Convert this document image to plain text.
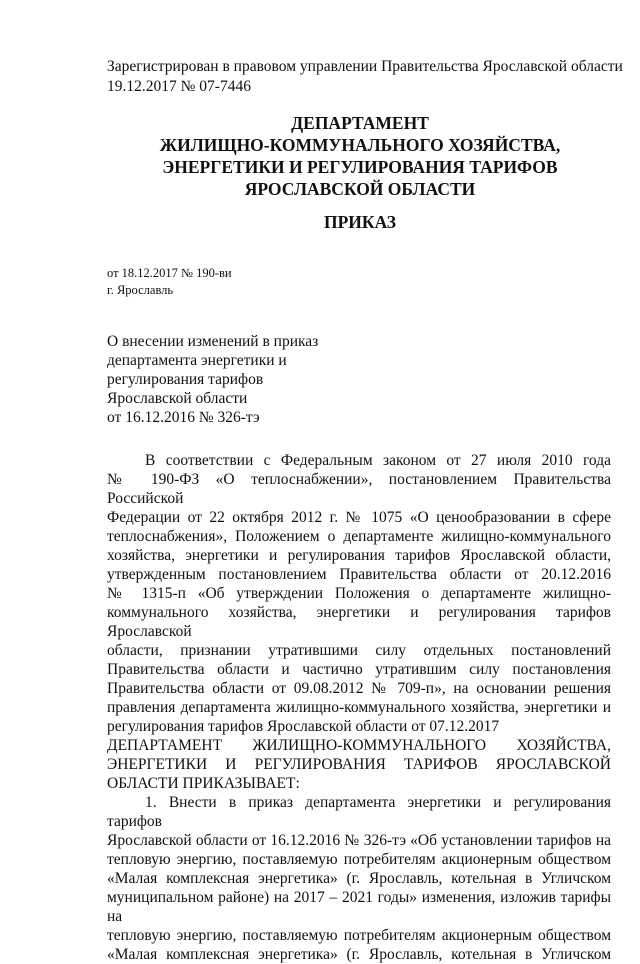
Зарегистрирован в правовом управлении Правительства Ярославской области
19.12.2017 № 07-7446
ДЕПАРТАМЕНТ
ЖИЛИЩНО-КОММУНАЛЬНОГО ХОЗЯЙСТВА,
ЭНЕРГЕТИКИ И РЕГУЛИРОВАНИЯ ТАРИФОВ
ЯРОСЛАВСКОЙ ОБЛАСТИ
ПРИКАЗ
от 18.12.2017 № 190-ви
г. Ярославль
О внесении изменений в приказ
департамента энергетики и
регулирования тарифов
Ярославской области
от 16.12.2016 № 326-тэ
В соответствии с Федеральным законом от 27 июля 2010 года
№ 190-ФЗ «О теплоснабжении», постановлением Правительства Российской
Федерации от 22 октября 2012 г. № 1075 «О ценообразовании в сфере
теплоснабжения», Положением о департаменте жилищно-коммунального
хозяйства, энергетики и регулирования тарифов Ярославской области,
утвержденным постановлением Правительства области от 20.12.2016
№ 1315-п «Об утверждении Положения о департаменте жилищно-
коммунального хозяйства, энергетики и регулирования тарифов Ярославской
области, признании утратившими силу отдельных постановлений
Правительства области и частично утратившим силу постановления
Правительства области от 09.08.2012 № 709-п», на основании решения
правления департамента жилищно-коммунального хозяйства, энергетики и
регулирования тарифов Ярославской области от 07.12.2017
ДЕПАРТАМЕНТ ЖИЛИЩНО-КОММУНАЛЬНОГО ХОЗЯЙСТВА,
ЭНЕРГЕТИКИ И РЕГУЛИРОВАНИЯ ТАРИФОВ ЯРОСЛАВСКОЙ
ОБЛАСТИ ПРИКАЗЫВАЕТ:
1. Внести в приказ департамента энергетики и регулирования тарифов
Ярославской области от 16.12.2016 № 326-тэ «Об установлении тарифов на
тепловую энергию, поставляемую потребителям акционерным обществом
«Малая комплексная энергетика» (г. Ярославль, котельная в Угличском
муниципальном районе) на 2017 – 2021 годы» изменения, изложив тарифы на
тепловую энергию, поставляемую потребителям акционерным обществом
«Малая комплексная энергетика» (г. Ярославль, котельная в Угличском
